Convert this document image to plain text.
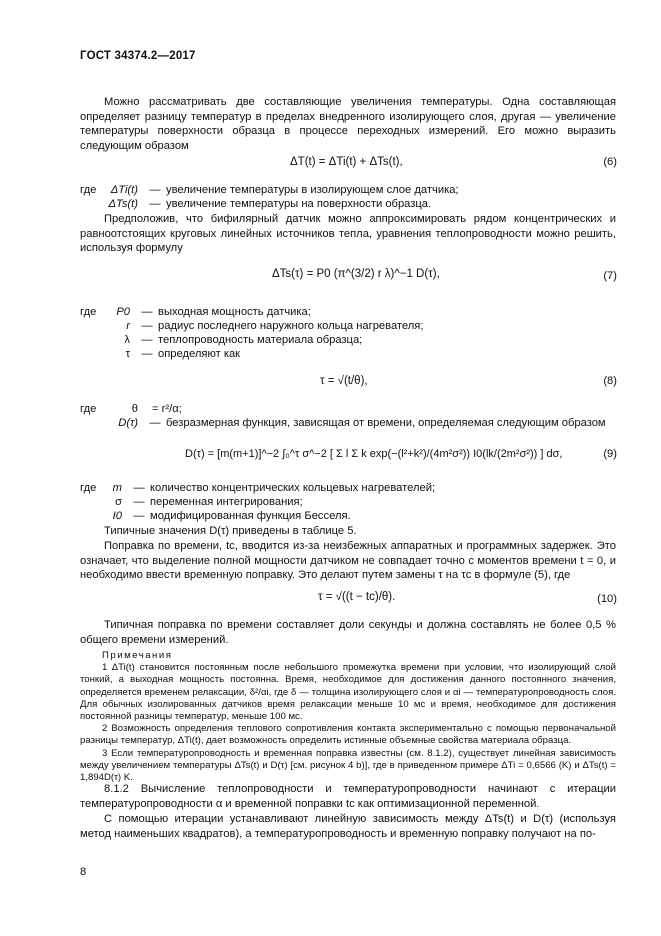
ГОСТ 34374.2—2017
Можно рассматривать две составляющие увеличения температуры. Одна составляющая определяет разницу температур в пределах внедренного изолирующего слоя, другая — увеличение температуры поверхности образца в процессе переходных измерений. Его можно выразить следующим образом
ΔT(t) = ΔTi(t) + ΔTs(t),	(6)
где	ΔTi(t)	— увеличение температуры в изолирующем слое датчика;
ΔTs(t)	— увеличение температуры на поверхности образца.
Предположив, что бифилярный датчик можно аппроксимировать рядом концентрических и равноотстоящих круговых линейных источников тепла, уравнения теплопроводности можно решить, используя формулу
ΔTs(τ) = P0 (π^(3/2) r λ)^−1 D(τ),	(7)
где	P0	— выходная мощность датчика;
r	— радиус последнего наружного кольца нагревателя;
λ	— теплопроводность материала образца;
τ	— определяют как
τ = √(t/θ),	(8)
где	θ	= r²/α;
D(τ)	— безразмерная функция, зависящая от времени, определяемая следующим образом
D(τ) = [m(m+1)]^−2 ∫₀^τ σ^−2 [ Σ l Σ k exp(−(l²+k²)/(4m²σ²)) I0(lk/(2m²σ²)) ] dσ,	(9)
где	m	— количество концентрических кольцевых нагревателей;
σ	— переменная интегрирования;
I0	— модифицированная функция Бесселя.
Типичные значения D(τ) приведены в таблице 5.
Поправка по времени, tc, вводится из-за неизбежных аппаратных и программных задержек. Это означает, что выделение полной мощности датчиком не совпадает точно с моментов времени t = 0, и необходимо ввести временную поправку. Это делают путем замены τ на τc в формуле (5), где
τ = √((t − tc)/θ).	(10)
Типичная поправка по времени составляет доли секунды и должна составлять не более 0,5 % общего времени измерений.

Примечания

1 ΔTi(t) становится постоянным после небольшого промежутка времени при условии, что изолирующий слой тонкий, а выходная мощность постоянна. Время, необходимое для достижения данного постоянного значения, определяется временем релаксации, δ²/αi, где δ — толщина изолирующего слоя и αi — температуропроводность слоя. Для обычных изолированных датчиков время релаксации меньше 10 мс и время, необходимое для достижения постоянной разницы температур, меньше 100 мс.

2 Возможность определения теплового сопротивления контакта экспериментально с помощью первоначальной разницы температур, ΔTi(t), дает возможность определить истинные объемные свойства материала образца.

3 Если температуропроводность и временная поправка известны (см. 8.1.2), существует линейная зависимость между увеличением температуры ΔTs(t) и D(τ) [см. рисунок 4 b)], где в приведенном примере ΔTi = 0,6566 (K) и ΔTs(t) = 1,894D(τ) K.

8.1.2 Вычисление теплопроводности и температуропроводности начинают с итерации температуропроводности α и временной поправки tc как оптимизационной переменной.
С помощью итерации устанавливают линейную зависимость между ΔTs(t) и D(τ) (используя метод наименьших квадратов), а температуропроводность и временную поправку получают на по-
8
